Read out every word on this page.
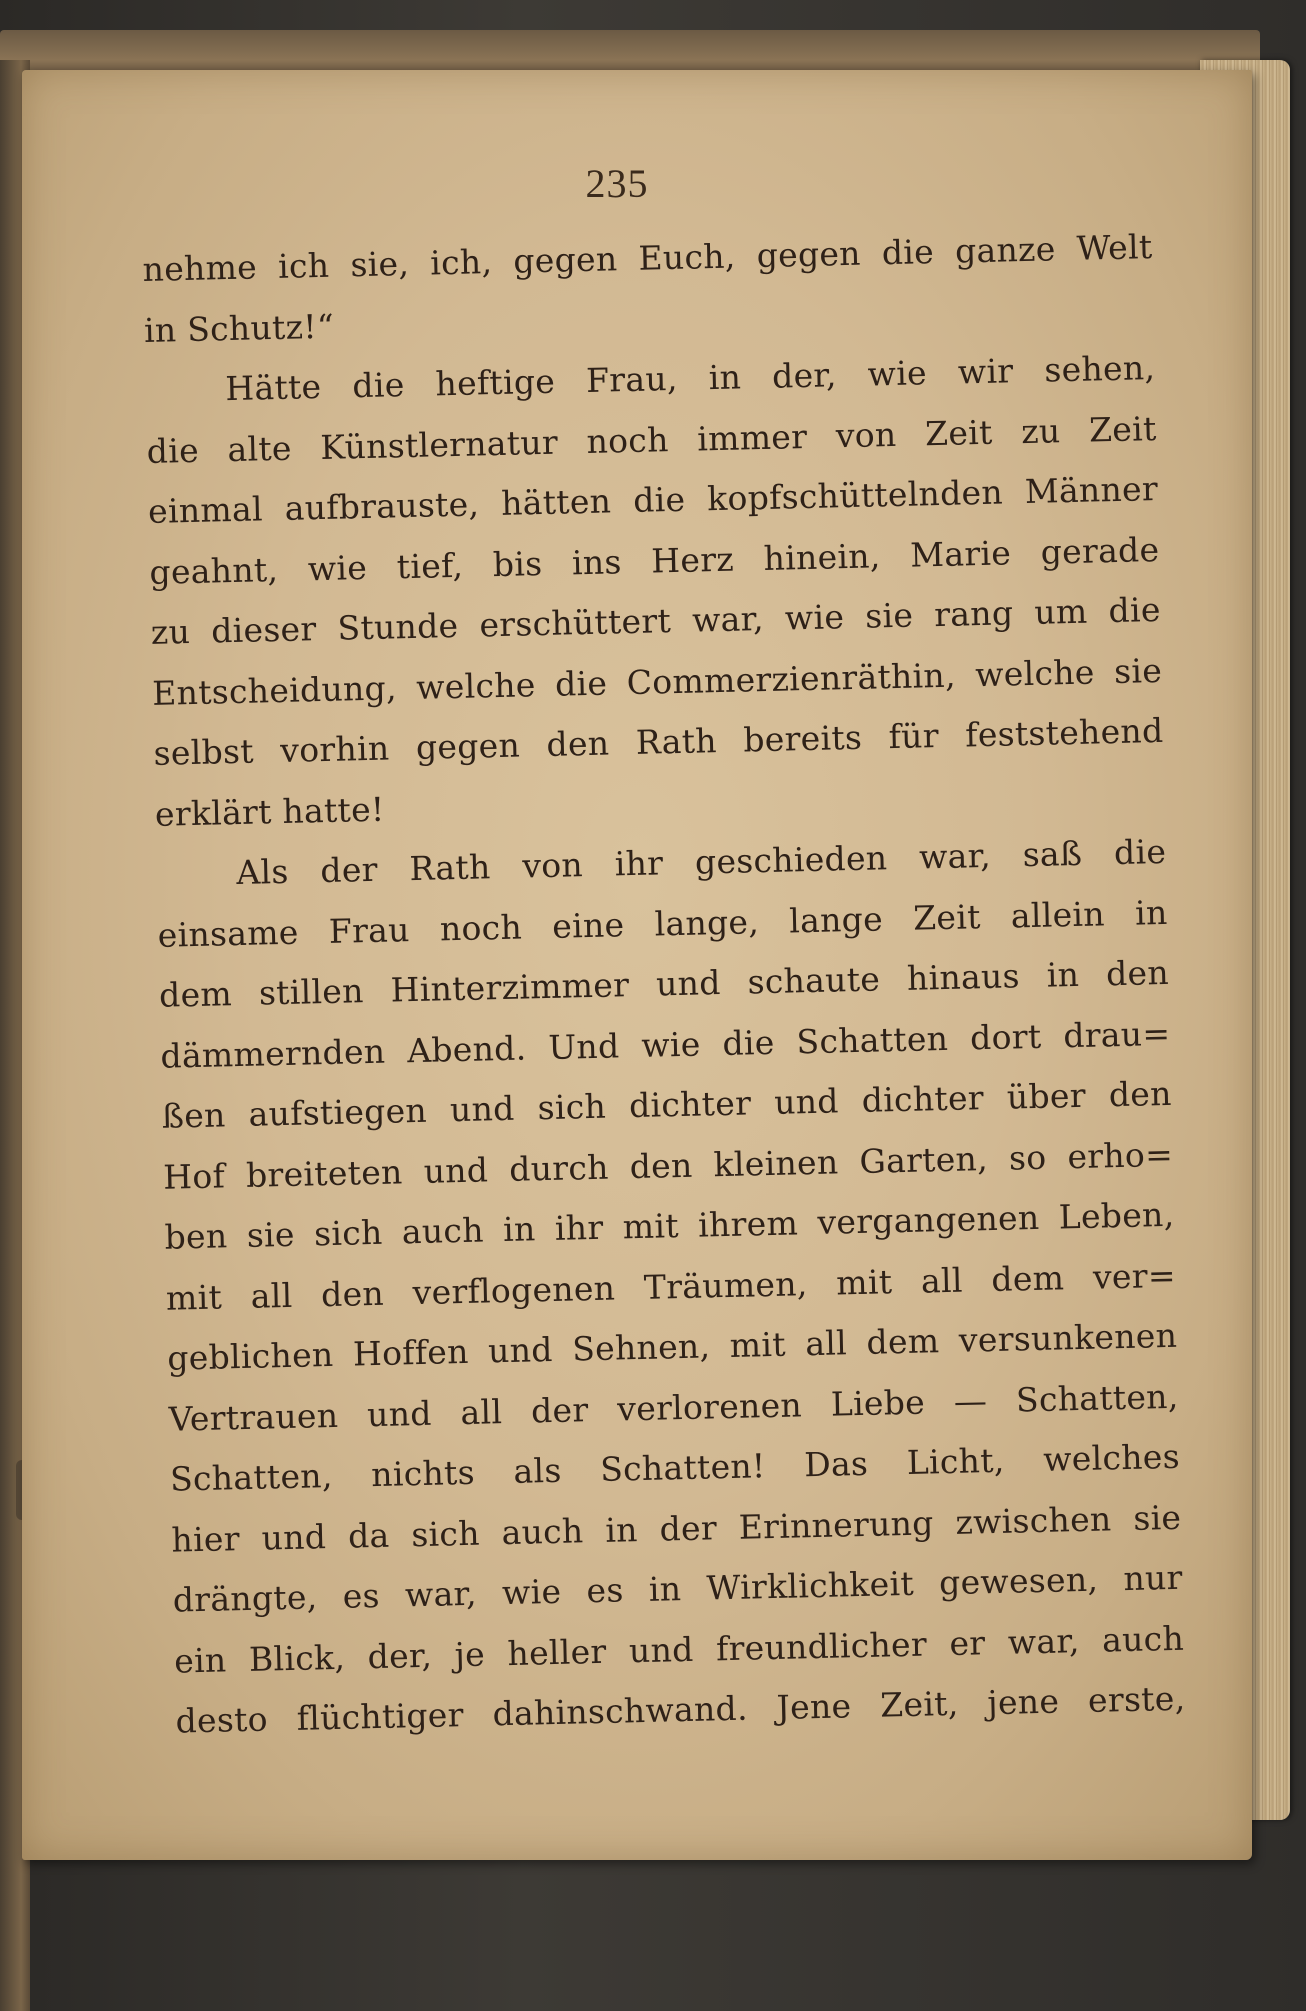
235
nehme ich sie, ich, gegen Euch, gegen die ganze Welt
in Schutz!“
Hätte die heftige Frau, in der, wie wir sehen,
die alte Künstlernatur noch immer von Zeit zu Zeit
einmal aufbrauste, hätten die kopfschüttelnden Männer
geahnt, wie tief, bis ins Herz hinein, Marie gerade
zu dieser Stunde erschüttert war, wie sie rang um die
Entscheidung, welche die Commerzienräthin, welche sie
selbst vorhin gegen den Rath bereits für feststehend
erklärt hatte!
Als der Rath von ihr geschieden war, saß die
einsame Frau noch eine lange, lange Zeit allein in
dem stillen Hinterzimmer und schaute hinaus in den
dämmernden Abend. Und wie die Schatten dort drau=
ßen aufstiegen und sich dichter und dichter über den
Hof breiteten und durch den kleinen Garten, so erho=
ben sie sich auch in ihr mit ihrem vergangenen Leben,
mit all den verflogenen Träumen, mit all dem ver=
geblichen Hoffen und Sehnen, mit all dem versunkenen
Vertrauen und all der verlorenen Liebe — Schatten,
Schatten, nichts als Schatten! Das Licht, welches
hier und da sich auch in der Erinnerung zwischen sie
drängte, es war, wie es in Wirklichkeit gewesen, nur
ein Blick, der, je heller und freundlicher er war, auch
desto flüchtiger dahinschwand. Jene Zeit, jene erste,
